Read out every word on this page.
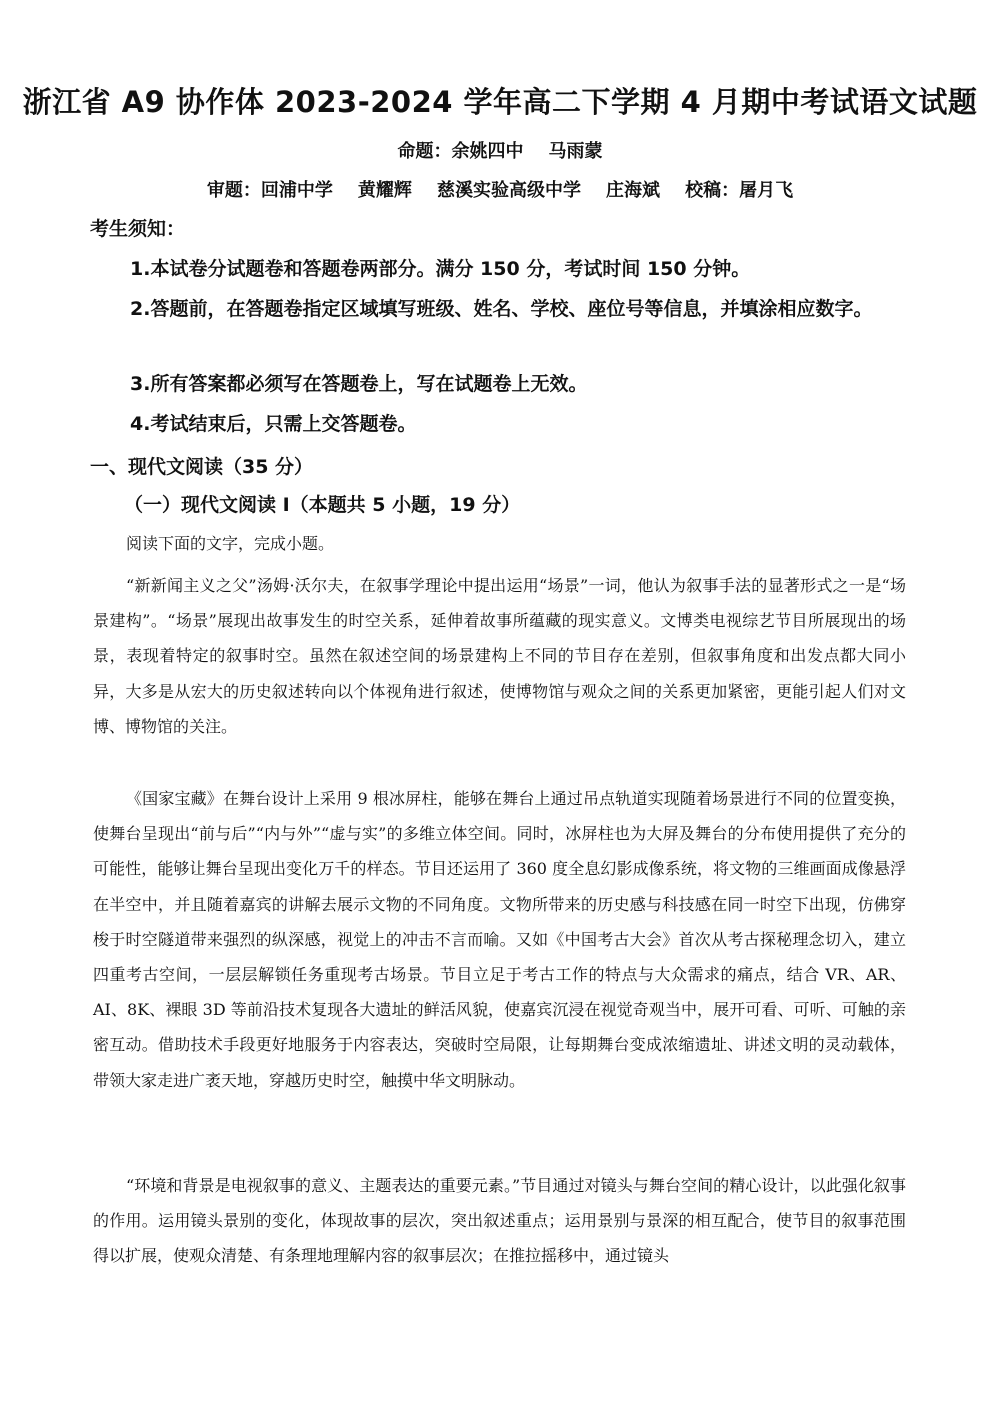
浙江省 A9 协作体 2023-2024 学年高二下学期 4 月期中考试语文试题

命题：余姚四中    马雨蒙

审题：回浦中学    黄耀辉    慈溪实验高级中学    庄海斌    校稿：屠月飞

考生须知：

1.本试卷分试题卷和答题卷两部分。满分 150 分，考试时间 150 分钟。

2.答题前，在答题卷指定区域填写班级、姓名、学校、座位号等信息，并填涂相应数字。

3.所有答案都必须写在答题卷上，写在试题卷上无效。

4.考试结束后，只需上交答题卷。

一、现代文阅读（35 分）

（一）现代文阅读 I（本题共 5 小题，19 分）

阅读下面的文字，完成小题。

“新新闻主义之父”汤姆·沃尔夫，在叙事学理论中提出运用“场景”一词，他认为叙事手法的显著形式之一是“场景建构”。“场景”展现出故事发生的时空关系，延伸着故事所蕴藏的现实意义。文博类电视综艺节目所展现出的场景，表现着特定的叙事时空。虽然在叙述空间的场景建构上不同的节目存在差别，但叙事角度和出发点都大同小异，大多是从宏大的历史叙述转向以个体视角进行叙述，使博物馆与观众之间的关系更加紧密，更能引起人们对文博、博物馆的关注。

《国家宝藏》在舞台设计上采用 9 根冰屏柱，能够在舞台上通过吊点轨道实现随着场景进行不同的位置变换，使舞台呈现出“前与后”“内与外”“虚与实”的多维立体空间。同时，冰屏柱也为大屏及舞台的分布使用提供了充分的可能性，能够让舞台呈现出变化万千的样态。节目还运用了 360 度全息幻影成像系统，将文物的三维画面成像悬浮在半空中，并且随着嘉宾的讲解去展示文物的不同角度。文物所带来的历史感与科技感在同一时空下出现，仿佛穿梭于时空隧道带来强烈的纵深感，视觉上的冲击不言而喻。又如《中国考古大会》首次从考古探秘理念切入，建立四重考古空间，一层层解锁任务重现考古场景。节目立足于考古工作的特点与大众需求的痛点，结合 VR、AR、AI、8K、裸眼 3D 等前沿技术复现各大遗址的鲜活风貌，使嘉宾沉浸在视觉奇观当中，展开可看、可听、可触的亲密互动。借助技术手段更好地服务于内容表达，突破时空局限，让每期舞台变成浓缩遗址、讲述文明的灵动载体，带领大家走进广袤天地，穿越历史时空，触摸中华文明脉动。

“环境和背景是电视叙事的意义、主题表达的重要元素。”节目通过对镜头与舞台空间的精心设计，以此强化叙事的作用。运用镜头景别的变化，体现故事的层次，突出叙述重点；运用景别与景深的相互配合，使节目的叙事范围得以扩展，使观众清楚、有条理地理解内容的叙事层次；在推拉摇移中，通过镜头
